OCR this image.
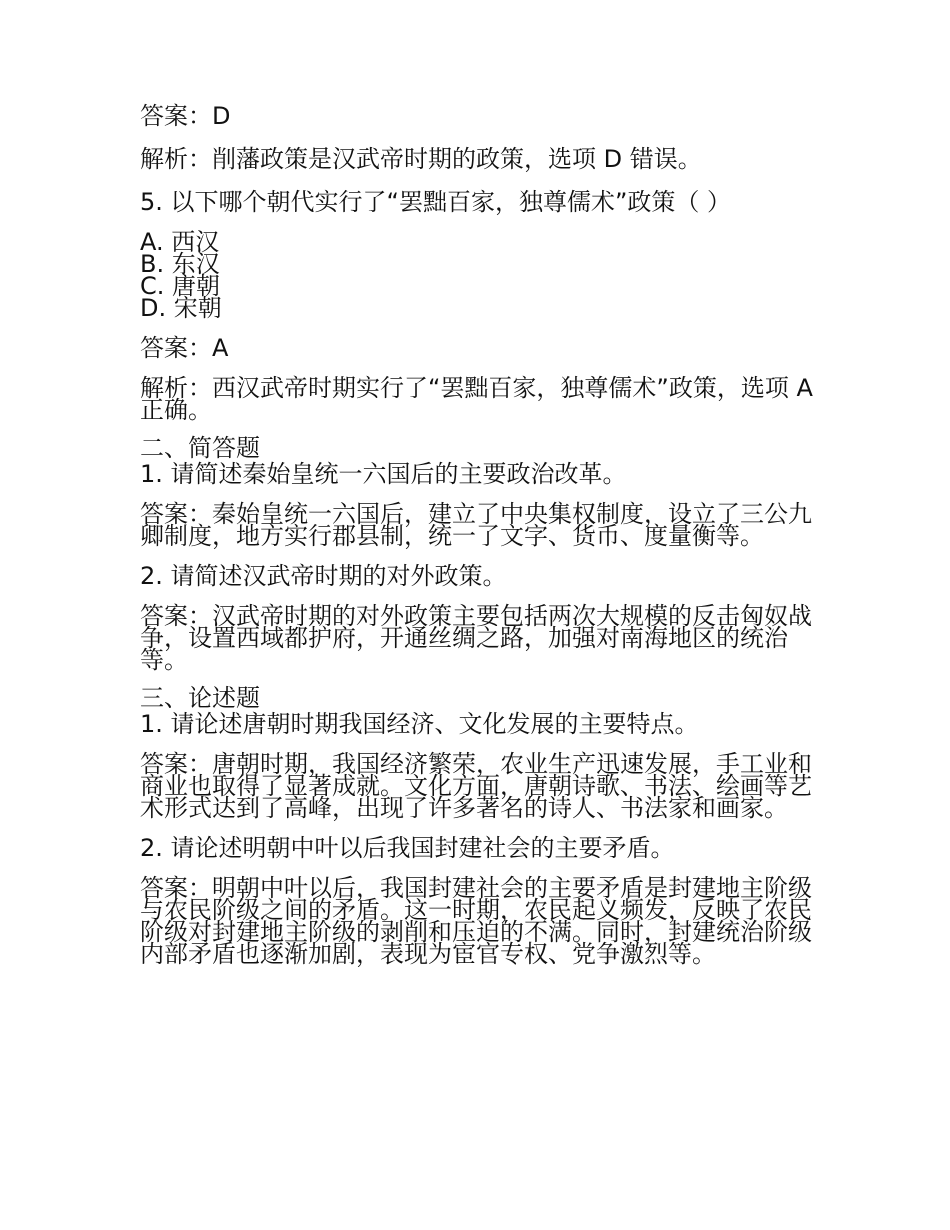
答案：D

解析：削藩政策是汉武帝时期的政策，选项 D 错误。

5. 以下哪个朝代实行了“罢黜百家，独尊儒术”政策（ ）

A. 西汉
B. 东汉
C. 唐朝
D. 宋朝

答案：A

解析：西汉武帝时期实行了“罢黜百家，独尊儒术”政策，选项 A 正确。

二、简答题

1. 请简述秦始皇统一六国后的主要政治改革。

答案：秦始皇统一六国后，建立了中央集权制度，设立了三公九卿制度，地方实行郡县制，统一了文字、货币、度量衡等。

2. 请简述汉武帝时期的对外政策。

答案：汉武帝时期的对外政策主要包括两次大规模的反击匈奴战争，设置西域都护府，开通丝绸之路，加强对南海地区的统治等。

三、论述题

1. 请论述唐朝时期我国经济、文化发展的主要特点。

答案：唐朝时期，我国经济繁荣，农业生产迅速发展，手工业和商业也取得了显著成就。文化方面，唐朝诗歌、书法、绘画等艺术形式达到了高峰，出现了许多著名的诗人、书法家和画家。

2. 请论述明朝中叶以后我国封建社会的主要矛盾。

答案：明朝中叶以后，我国封建社会的主要矛盾是封建地主阶级与农民阶级之间的矛盾。这一时期，农民起义频发，反映了农民阶级对封建地主阶级的剥削和压迫的不满。同时，封建统治阶级内部矛盾也逐渐加剧，表现为宦官专权、党争激烈等。
